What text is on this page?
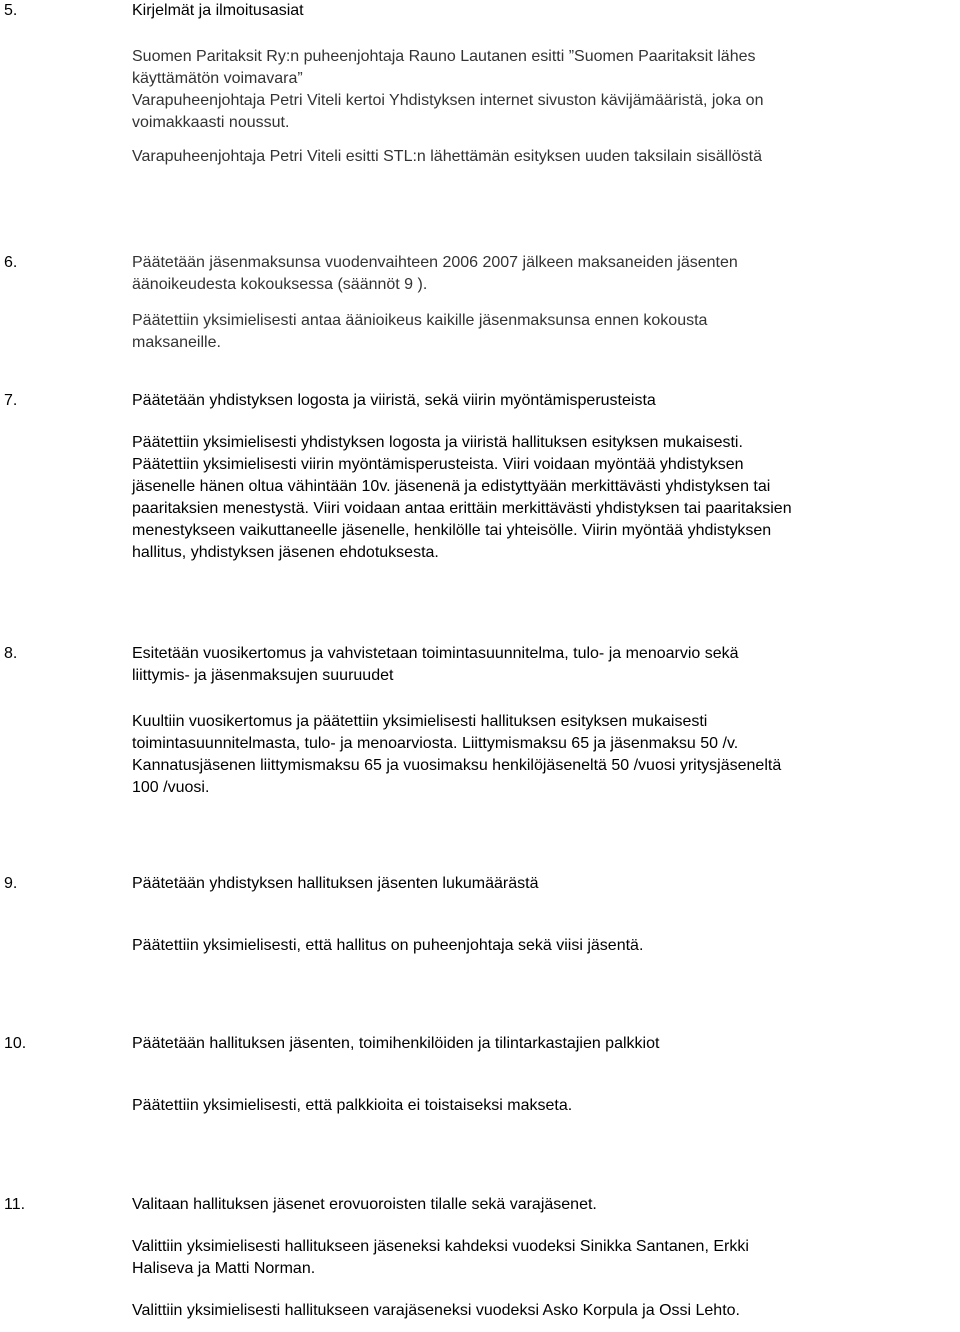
5.	Kirjelmät ja ilmoitusasiat
Suomen Paritaksit Ry:n puheenjohtaja Rauno Lautanen esitti ”Suomen Paaritaksit lähes
käyttämätön voimavara”
Varapuheenjohtaja Petri Viteli kertoi Yhdistyksen internet sivuston kävijämääristä, joka on
voimakkaasti noussut.
Varapuheenjohtaja Petri Viteli esitti STL:n lähettämän esityksen uuden taksilain sisällöstä
6.	Päätetään jäsenmaksunsa vuodenvaihteen 2006 2007 jälkeen maksaneiden jäsenten
äänoikeudesta kokouksessa (säännöt 9 ).
Päätettiin yksimielisesti antaa äänioikeus kaikille jäsenmaksunsa ennen kokousta
maksaneille.
7.	Päätetään yhdistyksen logosta ja viiristä, sekä viirin myöntämisperusteista
Päätettiin yksimielisesti yhdistyksen logosta ja viiristä hallituksen esityksen mukaisesti.
Päätettiin yksimielisesti viirin myöntämisperusteista. Viiri voidaan myöntää yhdistyksen
jäsenelle hänen oltua vähintään 10v. jäsenenä ja edistyttyään merkittävästi yhdistyksen tai
paaritaksien menestystä. Viiri voidaan antaa erittäin merkittävästi yhdistyksen tai paaritaksien
menestykseen vaikuttaneelle jäsenelle, henkilölle tai yhteisölle. Viirin myöntää yhdistyksen
hallitus, yhdistyksen jäsenen ehdotuksesta.
8.	Esitetään vuosikertomus ja vahvistetaan toimintasuunnitelma, tulo- ja menoarvio sekä
liittymis- ja jäsenmaksujen suuruudet
Kuultiin vuosikertomus ja päätettiin yksimielisesti hallituksen esityksen mukaisesti
toimintasuunnitelmasta, tulo- ja menoarviosta. Liittymismaksu 65 ja jäsenmaksu 50 /v.
Kannatusjäsenen liittymismaksu 65 ja vuosimaksu henkilöjäseneltä 50 /vuosi yritysjäseneltä
100 /vuosi.
9.	Päätetään yhdistyksen hallituksen jäsenten lukumäärästä
Päätettiin yksimielisesti, että hallitus on puheenjohtaja sekä viisi jäsentä.
10.	Päätetään hallituksen jäsenten, toimihenkilöiden ja tilintarkastajien palkkiot
Päätettiin yksimielisesti, että palkkioita ei toistaiseksi makseta.
11.	Valitaan hallituksen jäsenet erovuoroisten tilalle sekä varajäsenet.
Valittiin yksimielisesti hallitukseen jäseneksi kahdeksi vuodeksi Sinikka Santanen, Erkki
Haliseva ja Matti Norman.
Valittiin yksimielisesti hallitukseen varajäseneksi vuodeksi Asko Korpula ja Ossi Lehto.
